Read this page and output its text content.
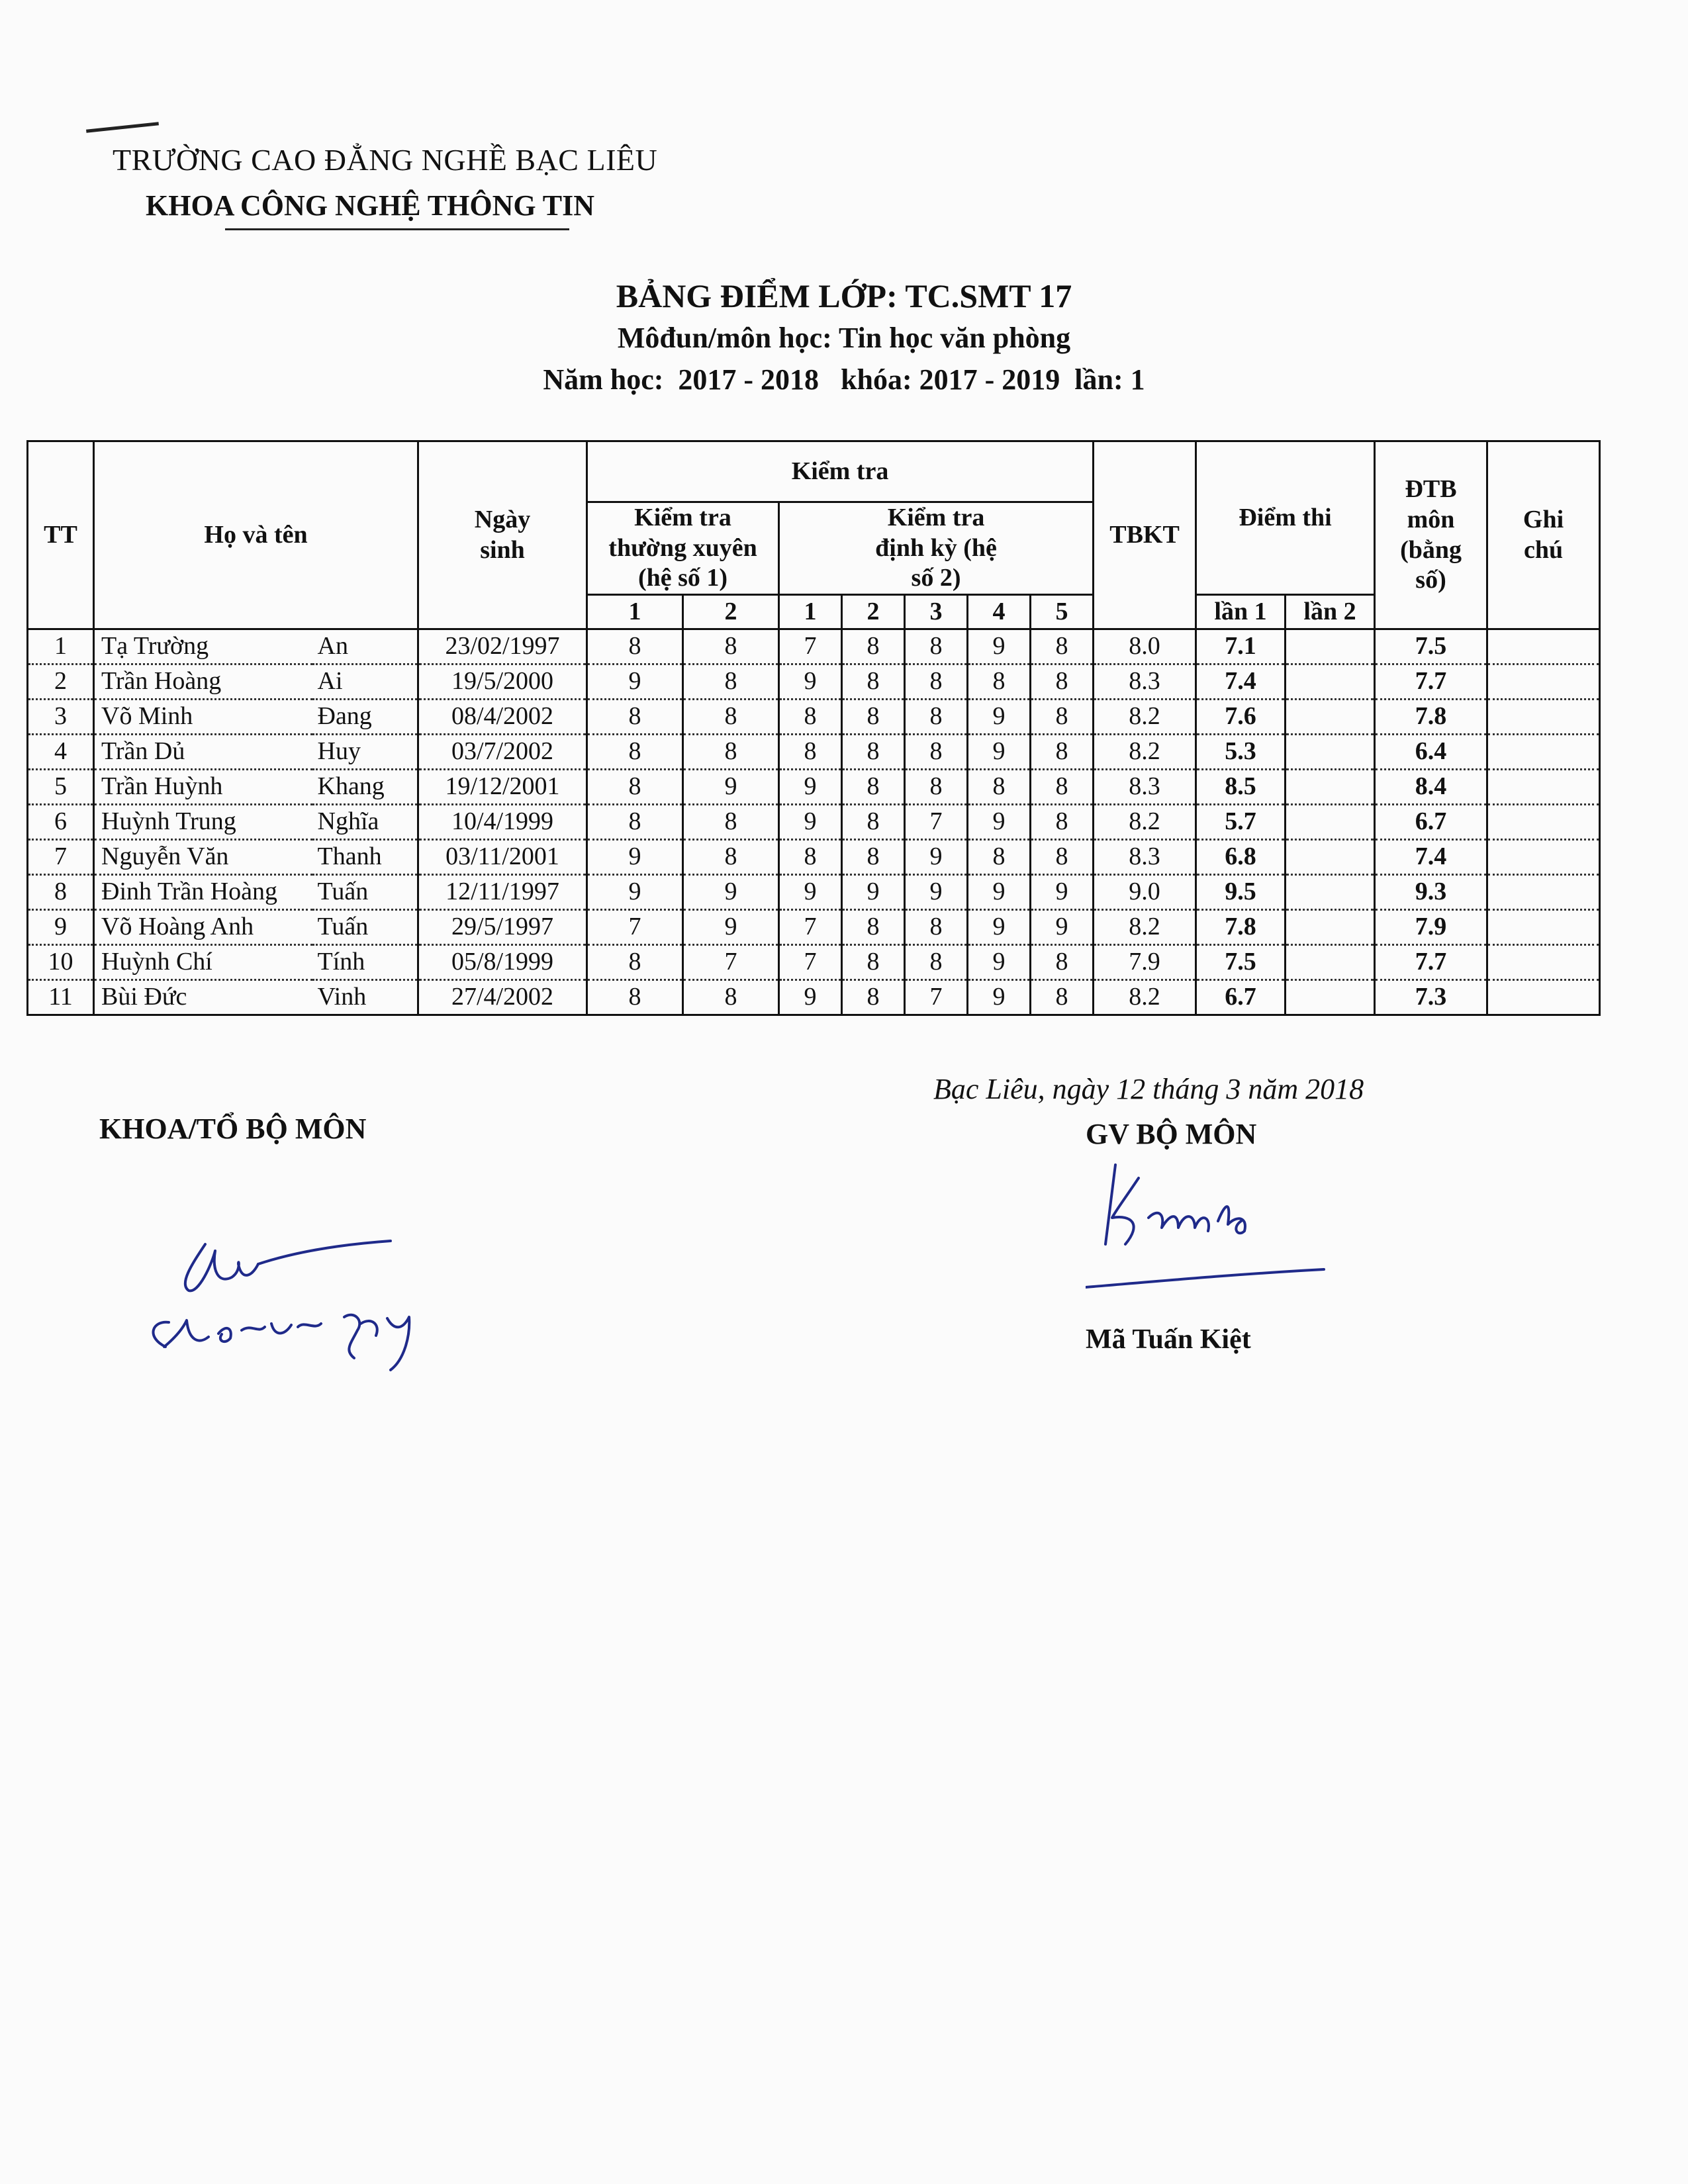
TRƯỜNG CAO ĐẲNG NGHỀ BẠC LIÊU
KHOA CÔNG NGHỆ THÔNG TIN
BẢNG ĐIỂM LỚP: TC.SMT 17
Môđun/môn học: Tin học văn phòng
Năm học:  2017 - 2018   khóa: 2017 - 2019  lần: 1
TT	Họ và tên		Ngày sinh	Kiểm tra							TBKT	Điểm thi		ĐTB môn (bằng số)	Ghi chú

				Kiểm tra thường xuyên (hệ số 1)		Kiểm tra định kỳ (hệ số 2)									

				1	2	1	2	3	4	5		lần 1	lần 2		
1	Tạ Trường	An	23/02/1997	8	8	7	8	8	9	8	8.0	7.1		7.5	
2	Trần Hoàng	Ai	19/5/2000	9	8	9	8	8	8	8	8.3	7.4		7.7	
3	Võ Minh	Đang	08/4/2002	8	8	8	8	8	9	8	8.2	7.6		7.8	
4	Trần Dủ	Huy	03/7/2002	8	8	8	8	8	9	8	8.2	5.3		6.4	
5	Trần Huỳnh	Khang	19/12/2001	8	9	9	8	8	8	8	8.3	8.5		8.4	
6	Huỳnh Trung	Nghĩa	10/4/1999	8	8	9	8	7	9	8	8.2	5.7		6.7	
7	Nguyễn Văn	Thanh	03/11/2001	9	8	8	8	9	8	8	8.3	6.8		7.4	
8	Đinh Trần Hoàng	Tuấn	12/11/1997	9	9	9	9	9	9	9	9.0	9.5		9.3	
9	Võ Hoàng Anh	Tuấn	29/5/1997	7	9	7	8	8	9	9	8.2	7.8		7.9	
10	Huỳnh Chí	Tính	05/8/1999	8	7	7	8	8	9	8	7.9	7.5		7.7	
11	Bùi Đức	Vinh	27/4/2002	8	8	9	8	7	9	8	8.2	6.7		7.3	
Bạc Liêu, ngày 12 tháng 3 năm 2018
KHOA/TỔ BỘ MÔN	GV BỘ MÔN
Mã Tuấn Kiệt
